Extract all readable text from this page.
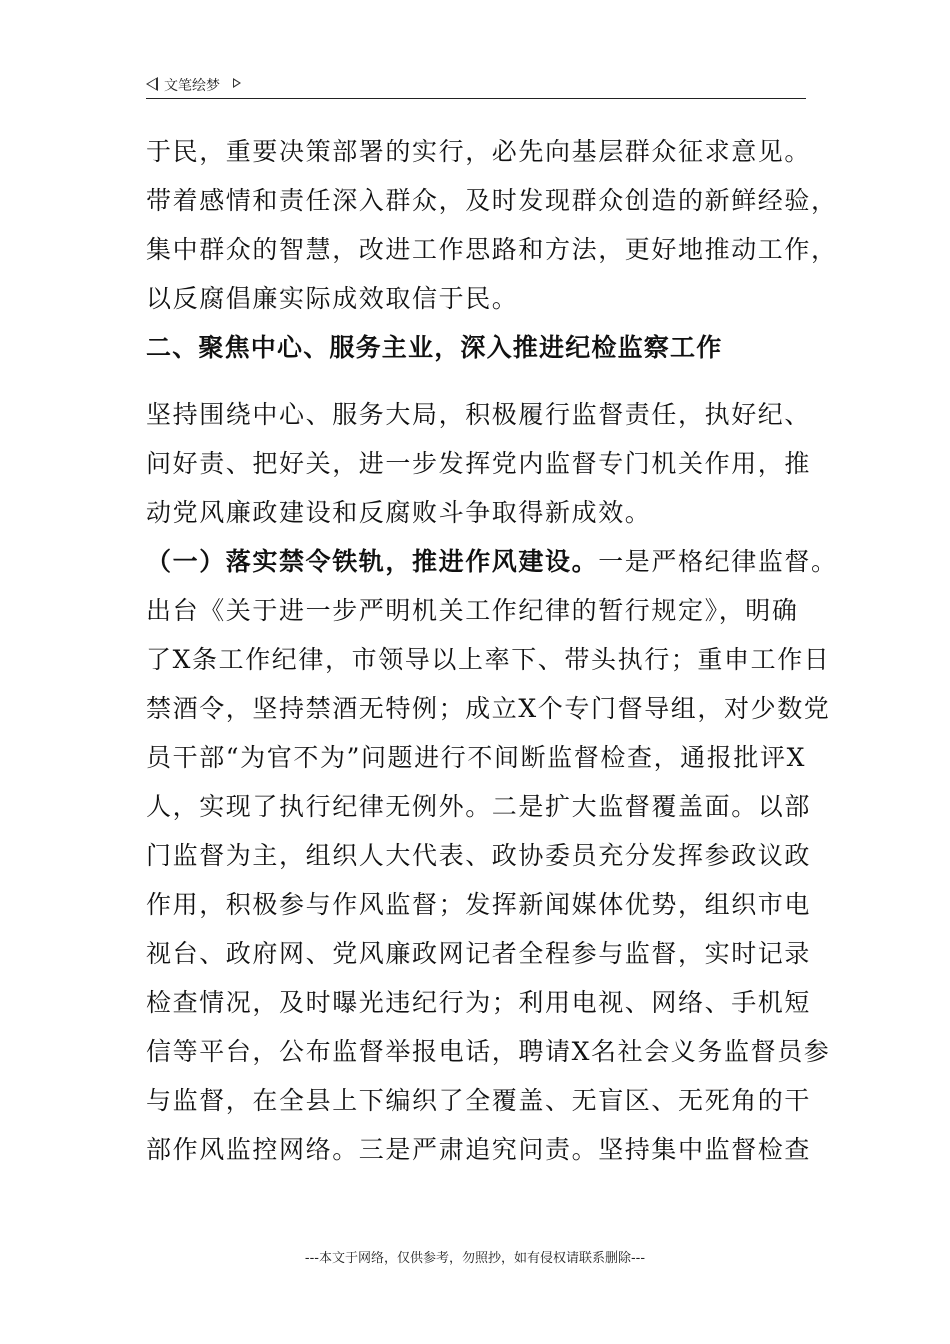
文笔绘梦
于民，重要决策部署的实行，必先向基层群众征求意见。
带着感情和责任深入群众，及时发现群众创造的新鲜经验，
集中群众的智慧，改进工作思路和方法，更好地推动工作，
以反腐倡廉实际成效取信于民。
二、聚焦中心、服务主业，深入推进纪检监察工作
坚持围绕中心、服务大局，积极履行监督责任，执好纪、
问好责、把好关，进一步发挥党内监督专门机关作用，推
动党风廉政建设和反腐败斗争取得新成效。
（一）落实禁令铁轨，推进作风建设。一是严格纪律监督。
出台《关于进一步严明机关工作纪律的暂行规定》，明确
了X条工作纪律，市领导以上率下、带头执行；重申工作日
禁酒令，坚持禁酒无特例；成立X个专门督导组，对少数党
员干部“为官不为”问题进行不间断监督检查，通报批评X
人，实现了执行纪律无例外。二是扩大监督覆盖面。以部
门监督为主，组织人大代表、政协委员充分发挥参政议政
作用，积极参与作风监督；发挥新闻媒体优势，组织市电
视台、政府网、党风廉政网记者全程参与监督，实时记录
检查情况，及时曝光违纪行为；利用电视、网络、手机短
信等平台，公布监督举报电话，聘请X名社会义务监督员参
与监督，在全县上下编织了全覆盖、无盲区、无死角的干
部作风监控网络。三是严肃追究问责。坚持集中监督检查
---本文于网络，仅供参考，勿照抄，如有侵权请联系删除---
